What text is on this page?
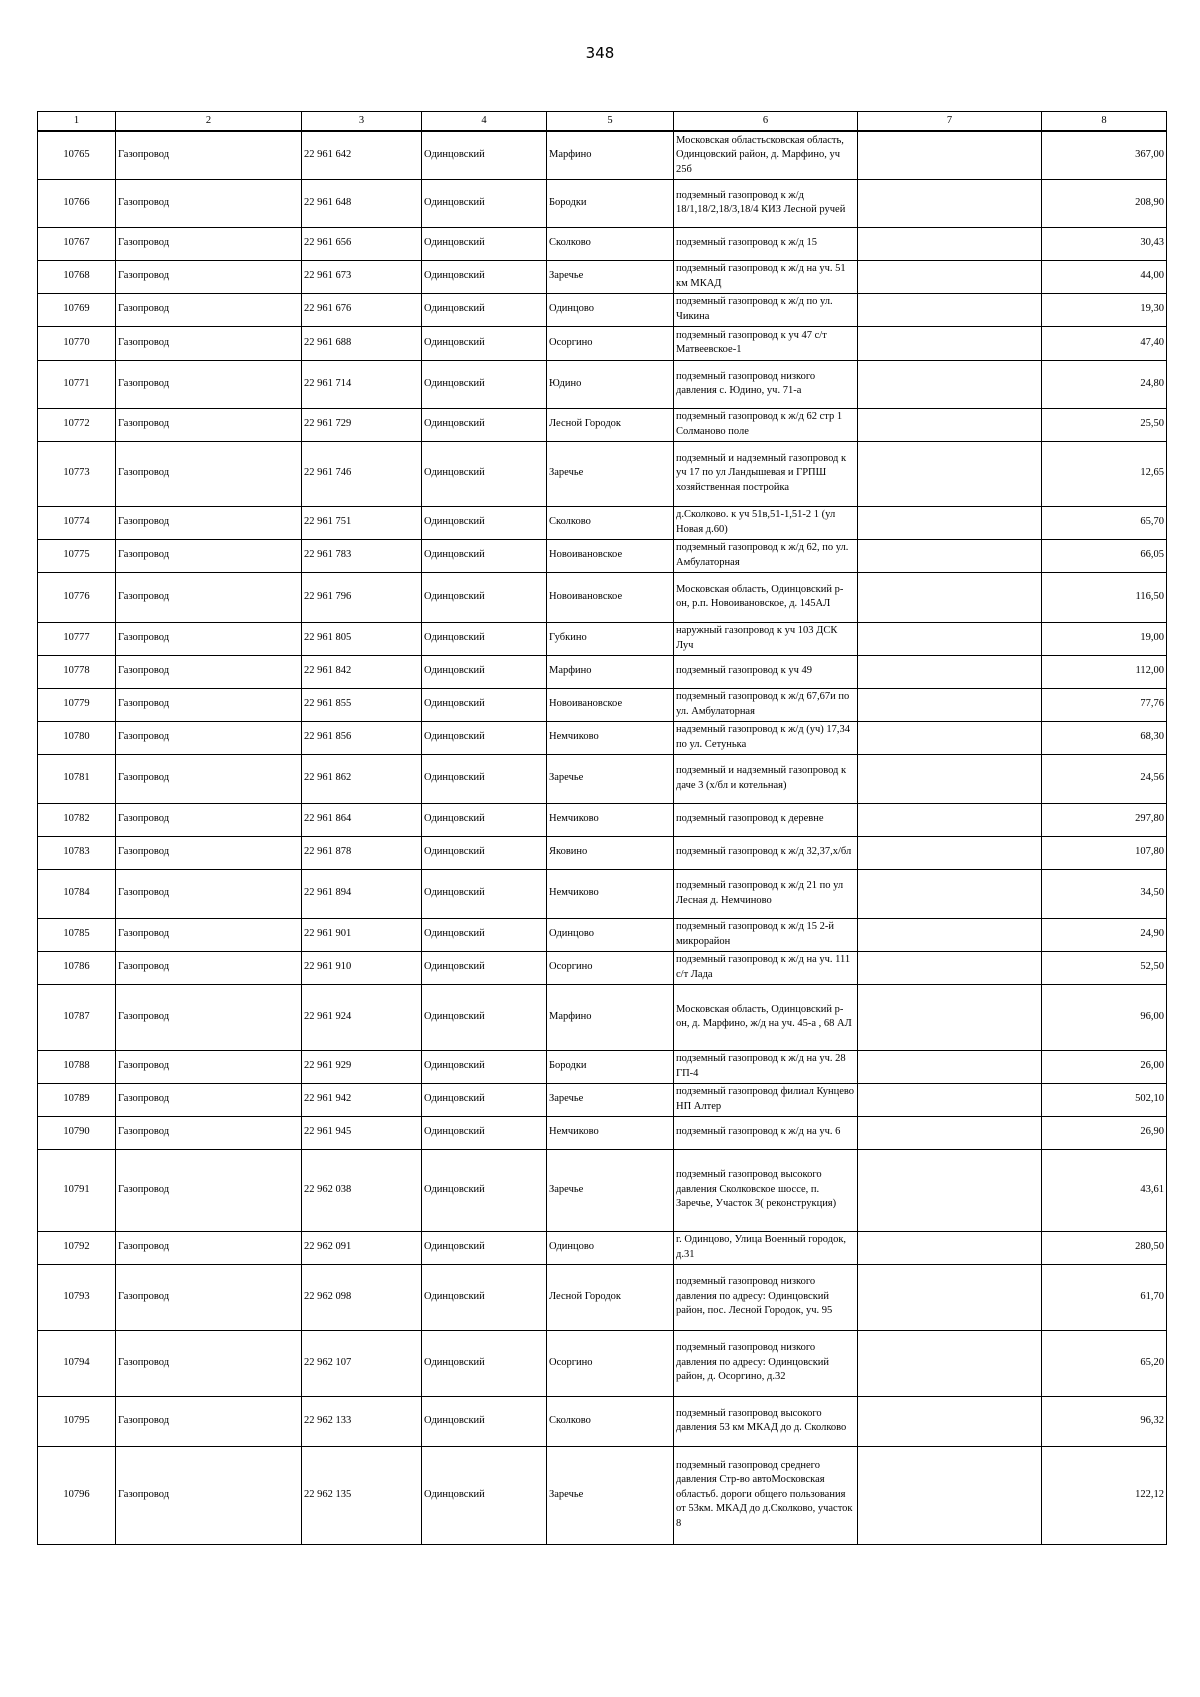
348
1	2	3	4	5	6	7	8
10765	Газопровод	22 961 642	Одинцовский	Марфино	Московская областьсковская область, Одинцовский район, д. Марфино, уч 25б		367,00
10766	Газопровод	22 961 648	Одинцовский	Бородки	подземный газопровод к ж/д 18/1,18/2,18/3,18/4 КИЗ Лесной ручей		208,90
10767	Газопровод	22 961 656	Одинцовский	Сколково	подземный газопровод к ж/д 15		30,43
10768	Газопровод	22 961 673	Одинцовский	Заречье	подземный газопровод к ж/д на уч. 51 км МКАД		44,00
10769	Газопровод	22 961 676	Одинцовский	Одинцово	подземный газопровод к ж/д по ул. Чикина		19,30
10770	Газопровод	22 961 688	Одинцовский	Осоргино	подземный газопровод к уч 47 с/т Матвеевское-1		47,40
10771	Газопровод	22 961 714	Одинцовский	Юдино	подземный газопровод низкого давления с. Юдино, уч. 71-а		24,80
10772	Газопровод	22 961 729	Одинцовский	Лесной Городок	подземный газопровод к ж/д 62 стр 1 Солманово поле		25,50
10773	Газопровод	22 961 746	Одинцовский	Заречье	подземный и надземный газопровод к уч 17 по ул Ландышевая и ГРПШ хозяйственная постройка		12,65
10774	Газопровод	22 961 751	Одинцовский	Сколково	д.Сколково. к уч 51в,51-1,51-2 1 (ул Новая д.60)		65,70
10775	Газопровод	22 961 783	Одинцовский	Новоивановское	подземный газопровод к ж/д 62, по ул. Амбулаторная		66,05
10776	Газопровод	22 961 796	Одинцовский	Новоивановское	Московская область, Одинцовский р-он, р.п. Новоивановское, д. 145АЛ		116,50
10777	Газопровод	22 961 805	Одинцовский	Губкино	наружный газопровод к уч 103 ДСК Луч		19,00
10778	Газопровод	22 961 842	Одинцовский	Марфино	подземный газопровод к уч 49		112,00
10779	Газопровод	22 961 855	Одинцовский	Новоивановское	подземный газопровод к ж/д 67,67и по ул. Амбулаторная		77,76
10780	Газопровод	22 961 856	Одинцовский	Немчиково	надземный газопровод к ж/д (уч) 17,34 по ул. Сетунька		68,30
10781	Газопровод	22 961 862	Одинцовский	Заречье	подземный и надземный газопровод к даче 3 (х/бл и котельная)		24,56
10782	Газопровод	22 961 864	Одинцовский	Немчиково	подземный газопровод к деревне		297,80
10783	Газопровод	22 961 878	Одинцовский	Яковино	подземный газопровод к ж/д 32,37,х/бл		107,80
10784	Газопровод	22 961 894	Одинцовский	Немчиково	подземный газопровод к ж/д 21 по ул Лесная д. Немчиново		34,50
10785	Газопровод	22 961 901	Одинцовский	Одинцово	подземный газопровод к ж/д 15 2-й микрорайон		24,90
10786	Газопровод	22 961 910	Одинцовский	Осоргино	подземный газопровод к ж/д на уч. 111 с/т Лада		52,50
10787	Газопровод	22 961 924	Одинцовский	Марфино	Московская область, Одинцовский р-он, д. Марфино, ж/д на уч. 45-а , 68 АЛ		96,00
10788	Газопровод	22 961 929	Одинцовский	Бородки	подземный газопровод к ж/д на уч. 28 ГП-4		26,00
10789	Газопровод	22 961 942	Одинцовский	Заречье	подземный газопровод филиал Кунцево НП Алтер		502,10
10790	Газопровод	22 961 945	Одинцовский	Немчиково	подземный газопровод к ж/д на уч. 6		26,90
10791	Газопровод	22 962 038	Одинцовский	Заречье	подземный газопровод высокого давления Сколковское шоссе, п. Заречье, Участок 3( реконструкция)		43,61
10792	Газопровод	22 962 091	Одинцовский	Одинцово	г. Одинцово, Улица Военный городок, д.31		280,50
10793	Газопровод	22 962 098	Одинцовский	Лесной Городок	подземный газопровод низкого давления по адресу: Одинцовский район, пос. Лесной Городок, уч. 95		61,70
10794	Газопровод	22 962 107	Одинцовский	Осоргино	подземный газопровод низкого давления по адресу: Одинцовский район, д. Осоргино, д.32		65,20
10795	Газопровод	22 962 133	Одинцовский	Сколково	подземный газопровод высокого давления 53 км МКАД до д. Сколково		96,32
10796	Газопровод	22 962 135	Одинцовский	Заречье	подземный газопровод среднего давления Стр-во автоМосковская областьб. дороги общего пользования от 53км. МКАД до д.Сколково, участок 8		122,12
